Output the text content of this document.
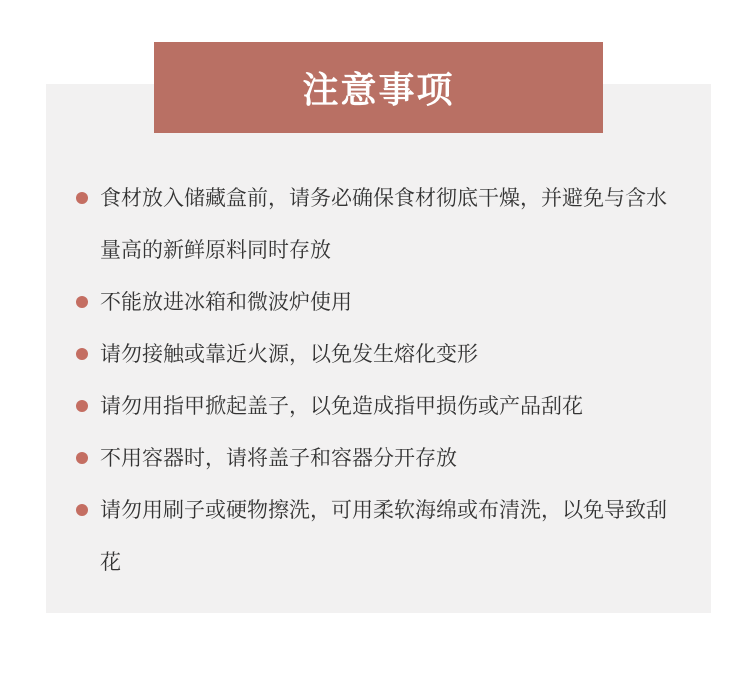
注意事项
食材放入储藏盒前，请务必确保食材彻底干燥，并避免与含水量高的新鲜原料同时存放
不能放进冰箱和微波炉使用
请勿接触或靠近火源，以免发生熔化变形
请勿用指甲掀起盖子，以免造成指甲损伤或产品刮花
不用容器时，请将盖子和容器分开存放
请勿用刷子或硬物擦洗，可用柔软海绵或布清洗，以免导致刮花
